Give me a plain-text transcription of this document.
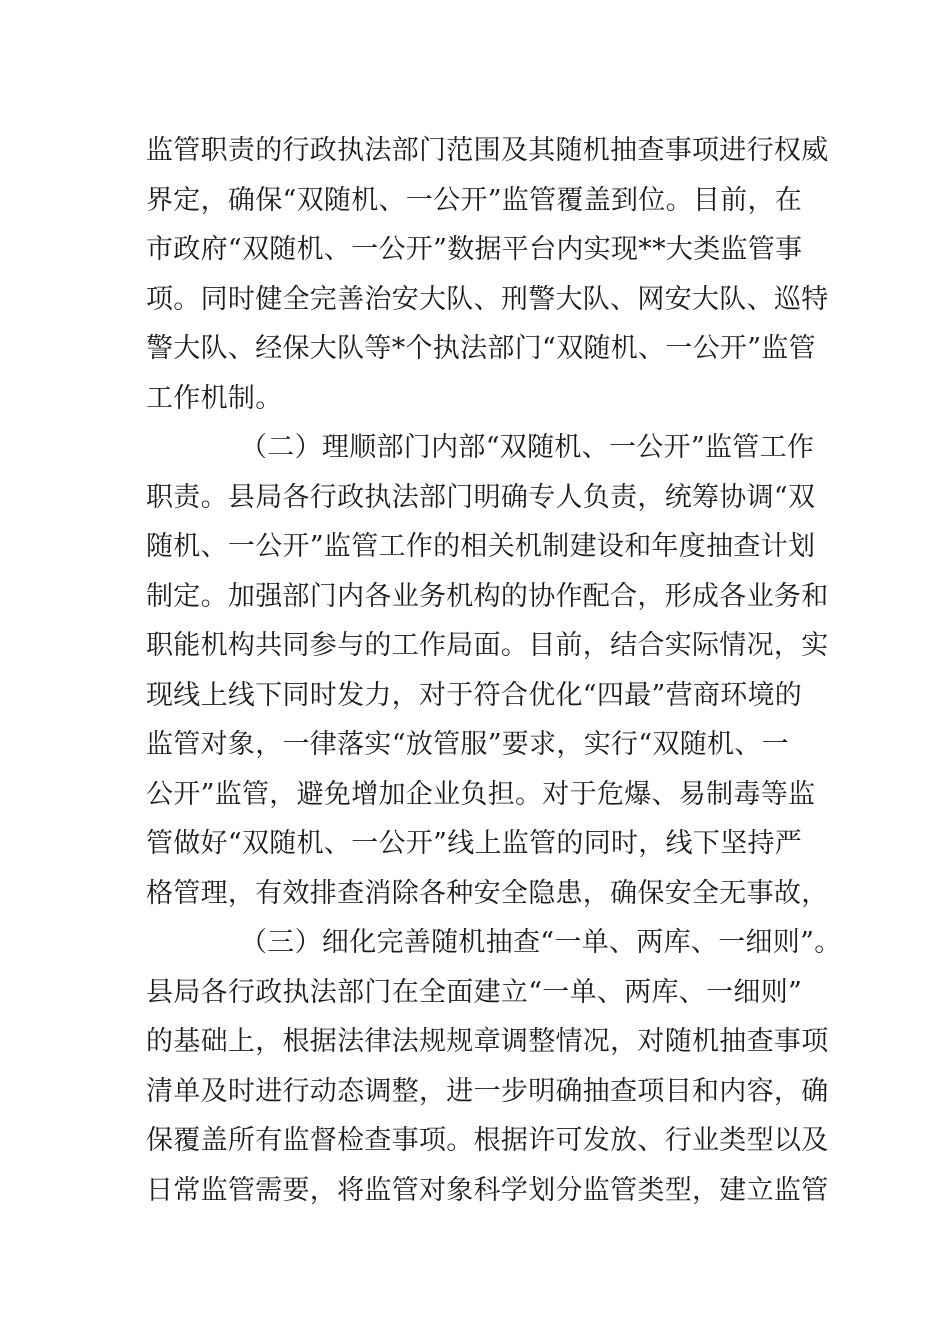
监管职责的行政执法部门范围及其随机抽查事项进行权威
界定，确保“双随机、一公开”监管覆盖到位。目前，在
市政府“双随机、一公开”数据平台内实现**大类监管事
项。同时健全完善治安大队、刑警大队、网安大队、巡特
警大队、经保大队等*个执法部门“双随机、一公开”监管
工作机制。
（二）理顺部门内部“双随机、一公开”监管工作
职责。县局各行政执法部门明确专人负责，统筹协调“双
随机、一公开”监管工作的相关机制建设和年度抽查计划
制定。加强部门内各业务机构的协作配合，形成各业务和
职能机构共同参与的工作局面。目前，结合实际情况，实
现线上线下同时发力，对于符合优化“四最”营商环境的
监管对象，一律落实“放管服”要求，实行“双随机、一
公开”监管，避免增加企业负担。对于危爆、易制毒等监
管做好“双随机、一公开”线上监管的同时，线下坚持严
格管理，有效排查消除各种安全隐患，确保安全无事故，
（三）细化完善随机抽查“一单、两库、一细则”。
县局各行政执法部门在全面建立“一单、两库、一细则”
的基础上，根据法律法规规章调整情况，对随机抽查事项
清单及时进行动态调整，进一步明确抽查项目和内容，确
保覆盖所有监督检查事项。根据许可发放、行业类型以及
日常监管需要，将监管对象科学划分监管类型，建立监管
